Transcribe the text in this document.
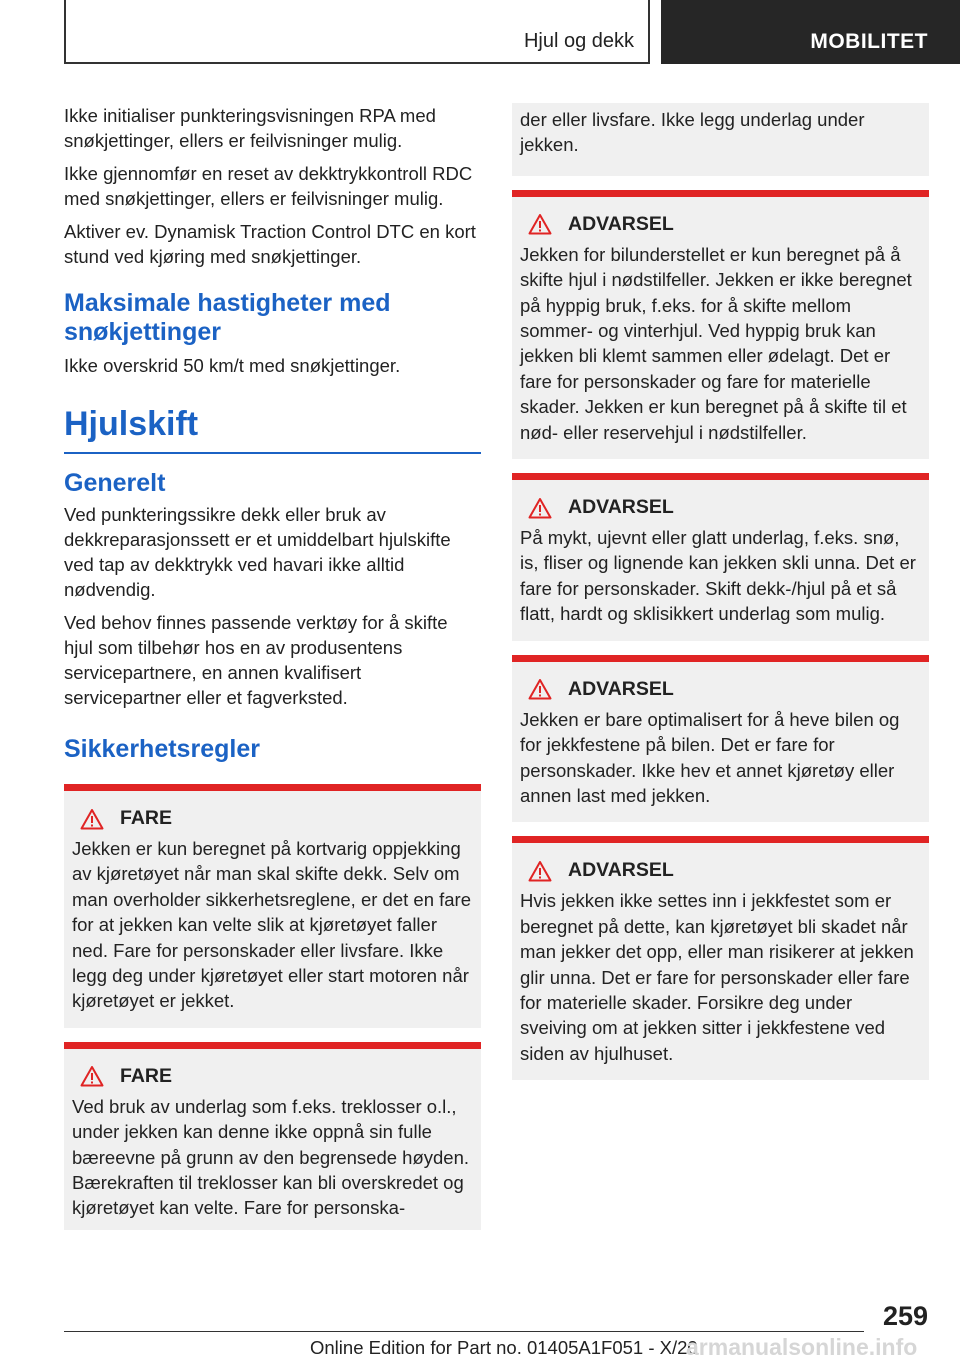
Hjul og dekk	MOBILITET

Ikke initialiser punkteringsvisningen RPA med snøkjettinger, ellers er feilvisninger mulig.

Ikke gjennomfør en reset av dekktrykkontroll RDC med snøkjettinger, ellers er feilvisninger mulig.

Aktiver ev. Dynamisk Traction Control DTC en kort stund ved kjøring med snøkjettinger.

Maksimale hastigheter med snøkjettinger

Ikke overskrid 50 km/t med snøkjettinger.

Hjulskift
Generelt

Ved punkteringssikre dekk eller bruk av dekkreparasjonssett er et umiddelbart hjulskifte ved tap av dekktrykk ved havari ikke alltid nødvendig.

Ved behov finnes passende verktøy for å skifte hjul som tilbehør hos en av produsentens servicepartnere, en annen kvalifisert servicepartner eller et fagverksted.

Sikkerhetsregler
FARE

Jekken er kun beregnet på kortvarig oppjekking av kjøretøyet når man skal skifte dekk. Selv om man overholder sikkerhetsreglene, er det en fare for at jekken kan velte slik at kjøretøyet faller ned. Fare for personskader eller livsfare. Ikke legg deg under kjøretøyet eller start motoren når kjøretøyet er jekket.

FARE

Ved bruk av underlag som f.eks. treklosser o.l., under jekken kan denne ikke oppnå sin fulle bæreevne på grunn av den begrensede høyden. Bærekraften til treklosser kan bli overskredet og kjøretøyet kan velte. Fare for personska-

der eller livsfare. Ikke legg underlag under jekken.

ADVARSEL

Jekken for bilunderstellet er kun beregnet på å skifte hjul i nødstilfeller. Jekken er ikke beregnet på hyppig bruk, f.eks. for å skifte mellom sommer- og vinterhjul. Ved hyppig bruk kan jekken bli klemt sammen eller ødelagt. Det er fare for personskader og fare for materielle skader. Jekken er kun beregnet på å skifte til et nød- eller reservehjul i nødstilfeller.

ADVARSEL

På mykt, ujevnt eller glatt underlag, f.eks. snø, is, fliser og lignende kan jekken skli unna. Det er fare for personskader. Skift dekk-/hjul på et så flatt, hardt og sklisikkert underlag som mulig.

ADVARSEL

Jekken er bare optimalisert for å heve bilen og for jekkfestene på bilen. Det er fare for personskader. Ikke hev et annet kjøretøy eller annen last med jekken.

ADVARSEL

Hvis jekken ikke settes inn i jekkfestet som er beregnet på dette, kan kjøretøyet bli skadet når man jekker det opp, eller man risikerer at jekken glir unna. Det er fare for personskader eller fare for materielle skader. Forsikre deg under sveiving om at jekken sitter i jekkfestene ved siden av hjulhuset.

259
Online Edition for Part no. 01405A1F051 - X/20
armanualsonline.info
